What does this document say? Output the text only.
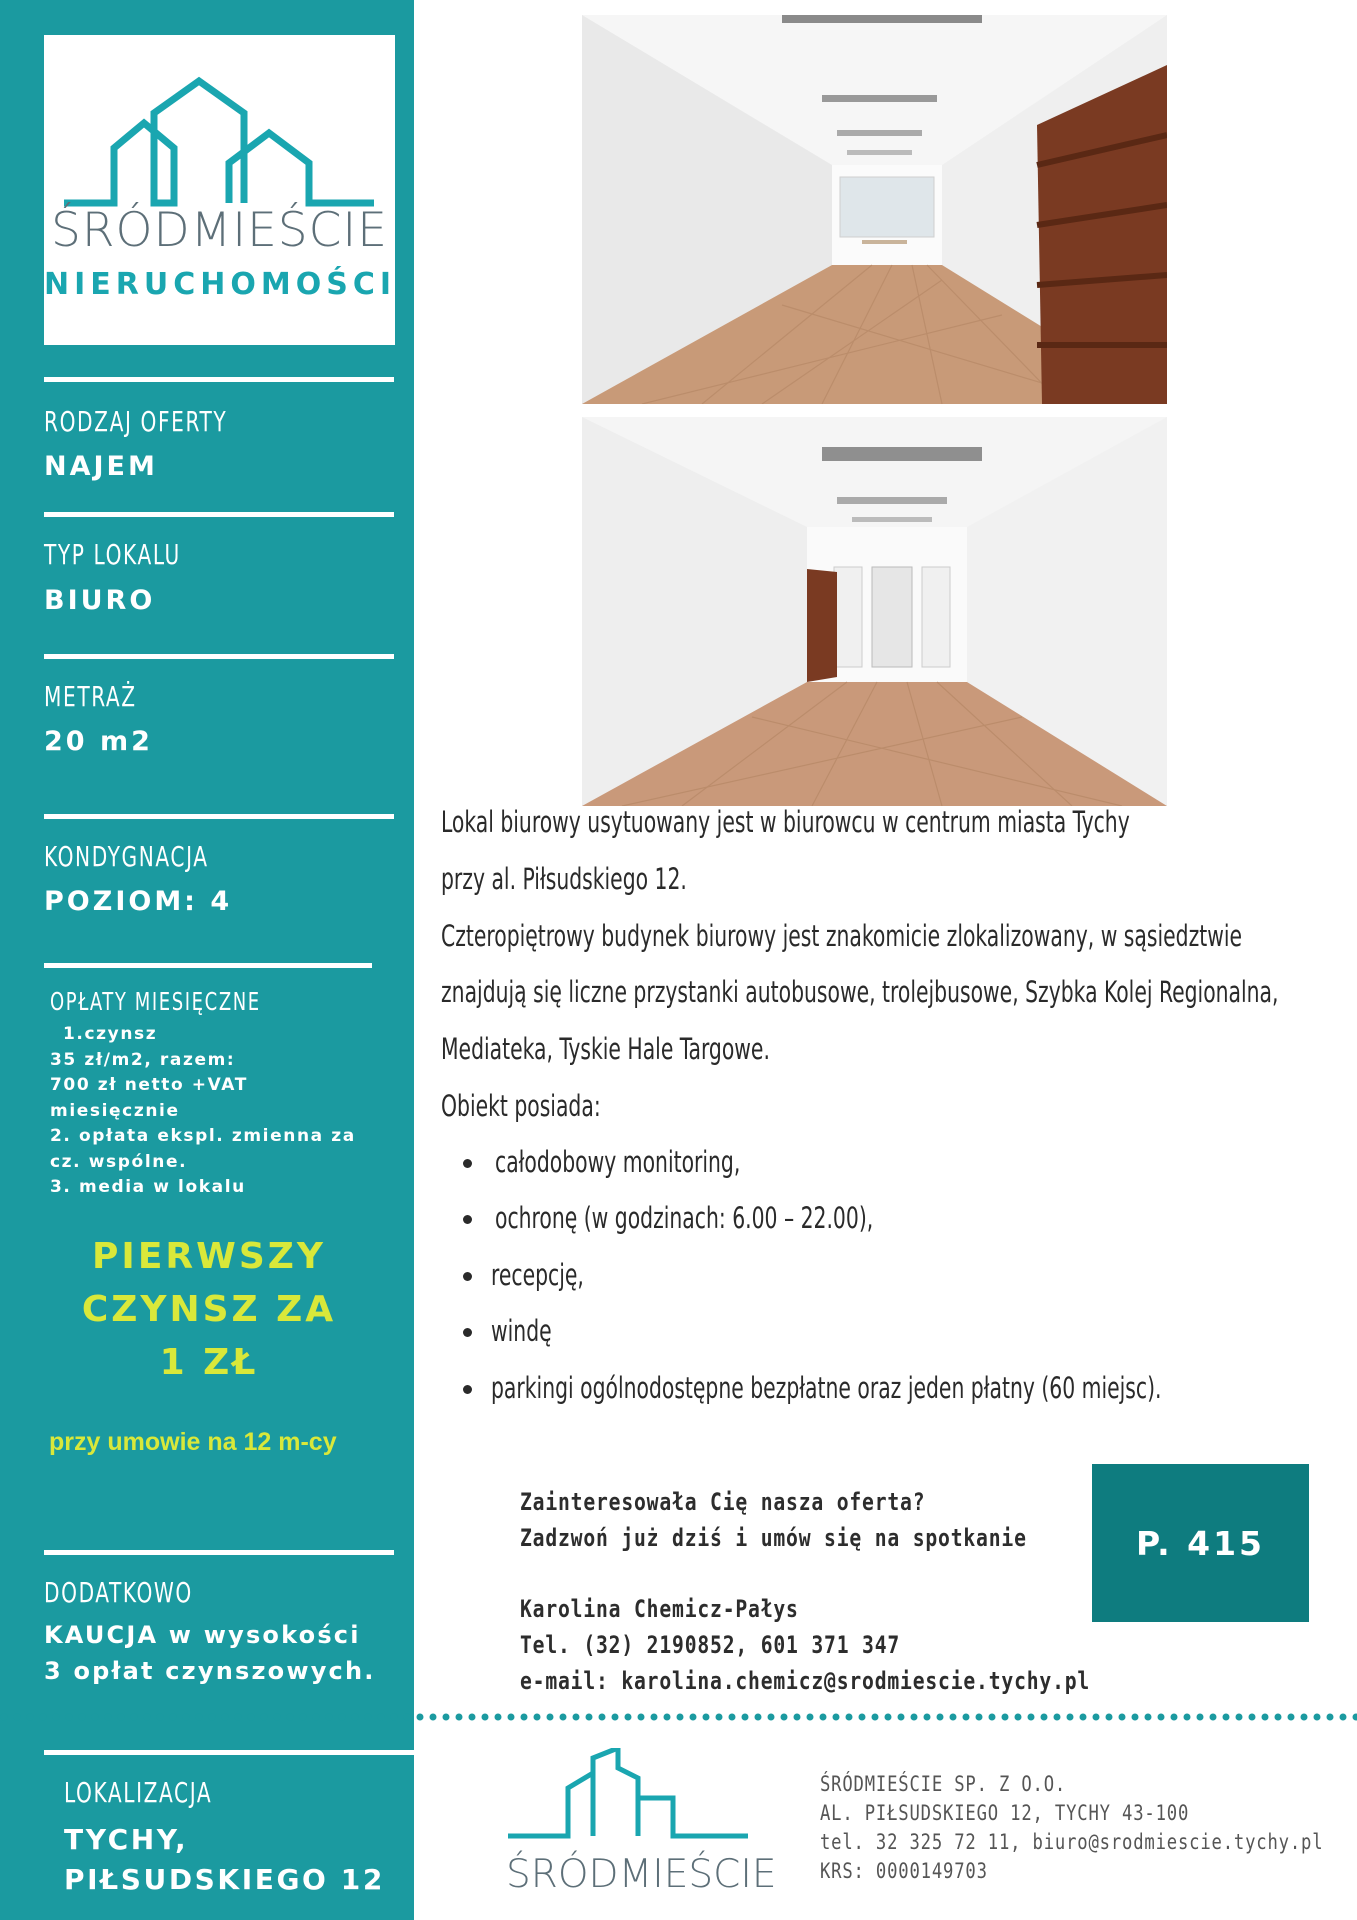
ŚRÓDMIEŚCIE
NIERUCHOMOŚCI
RODZAJ OFERTY
NAJEM
TYP LOKALU
BIURO
METRAŻ
20 m2
KONDYGNACJA
POZIOM: 4
OPŁATY MIESIĘCZNE
1.czynsz
35 zł/m2, razem:
700 zł netto +VAT
miesięcznie
2. opłata ekspl. zmienna za
cz. wspólne.
3. media w lokalu
PIERWSZY
CZYNSZ ZA
1 ZŁ
przy umowie na 12 m-cy
DODATKOWO
KAUCJA w wysokości
3 opłat czynszowych.
LOKALIZACJA
TYCHY,
PIŁSUDSKIEGO 12

Lokal biurowy usytuowany jest w biurowcu w centrum miasta Tychy

przy al. Piłsudskiego 12.

Czteropiętrowy budynek biurowy jest znakomicie zlokalizowany, w sąsiedztwie

znajdują się liczne przystanki autobusowe, trolejbusowe, Szybka Kolej Regionalna,

Mediateka, Tyskie Hale Targowe.

Obiekt posiada:

całodobowy monitoring,
ochronę (w godzinach: 6.00 – 22.00),
recepcję,
windę
parkingi ogólnodostępne bezpłatne oraz jeden płatny (60 miejsc).
Zainteresowała Cię nasza oferta?
Zadzwoń już dziś i umów się na spotkanie
Karolina Chemicz-Pałys
Tel. (32) 2190852, 601 371 347
e-mail: karolina.chemicz@srodmiescie.tychy.pl
P. 415
ŚRÓDMIEŚCIE
ŚRÓDMIEŚCIE SP. Z O.O.
AL. PIŁSUDSKIEGO 12, TYCHY 43-100
tel. 32 325 72 11, biuro@srodmiescie.tychy.pl
KRS: 0000149703
